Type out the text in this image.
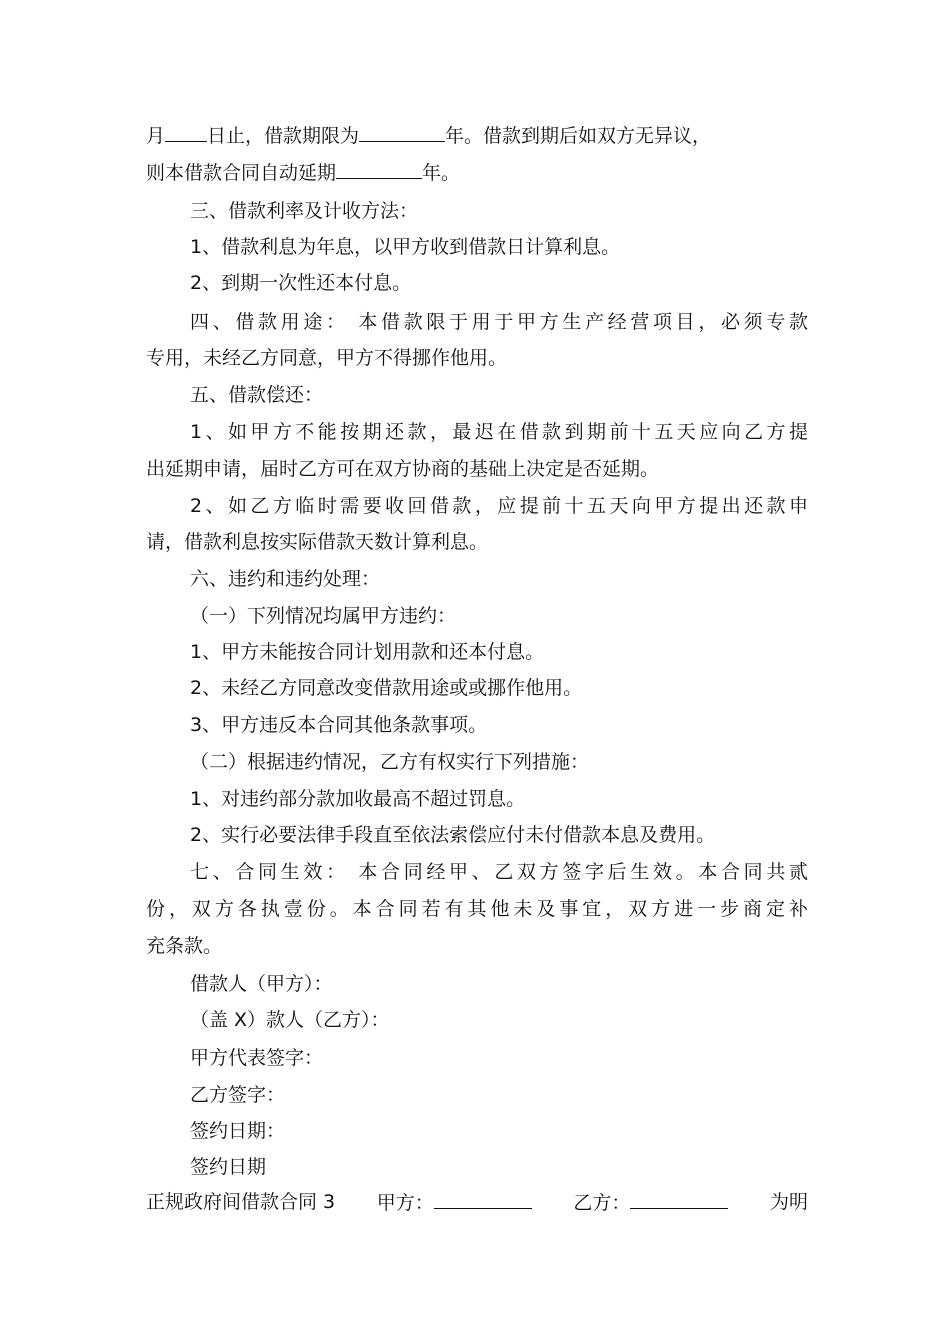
月 日止，借款期限为	年。借款到期后如双方无异议，
则本借款合同自动延期	年。
三、借款利率及计收方法：
1、借款利息为年息，以甲方收到借款日计算利息。
2、到期一次性还本付息。
四、借款用途： 本借款限于用于甲方生产经营项目，必须专款
专用，未经乙方同意，甲方不得挪作他用。
五、借款偿还：
1、如甲方不能按期还款，最迟在借款到期前十五天应向乙方提
出延期申请，届时乙方可在双方协商的基础上决定是否延期。
2、如乙方临时需要收回借款，应提前十五天向甲方提出还款申
请，借款利息按实际借款天数计算利息。
六、违约和违约处理：
（一）下列情况均属甲方违约：
1、甲方未能按合同计划用款和还本付息。
2、未经乙方同意改变借款用途或或挪作他用。
3、甲方违反本合同其他条款事项。
（二）根据违约情况，乙方有权实行下列措施：
1、对违约部分款加收最高不超过罚息。
2、实行必要法律手段直至依法索偿应付未付借款本息及费用。
七、合同生效： 本合同经甲、乙双方签字后生效。本合同共贰
份，双方各执壹份。本合同若有其他未及事宜，双方进一步商定补
充条款。
借款人（甲方）：
（盖 X）款人（乙方）：
甲方代表签字：
乙方签字：
签约日期：
签约日期
正规政府间借款合同 3 甲方：	乙方：	为明
